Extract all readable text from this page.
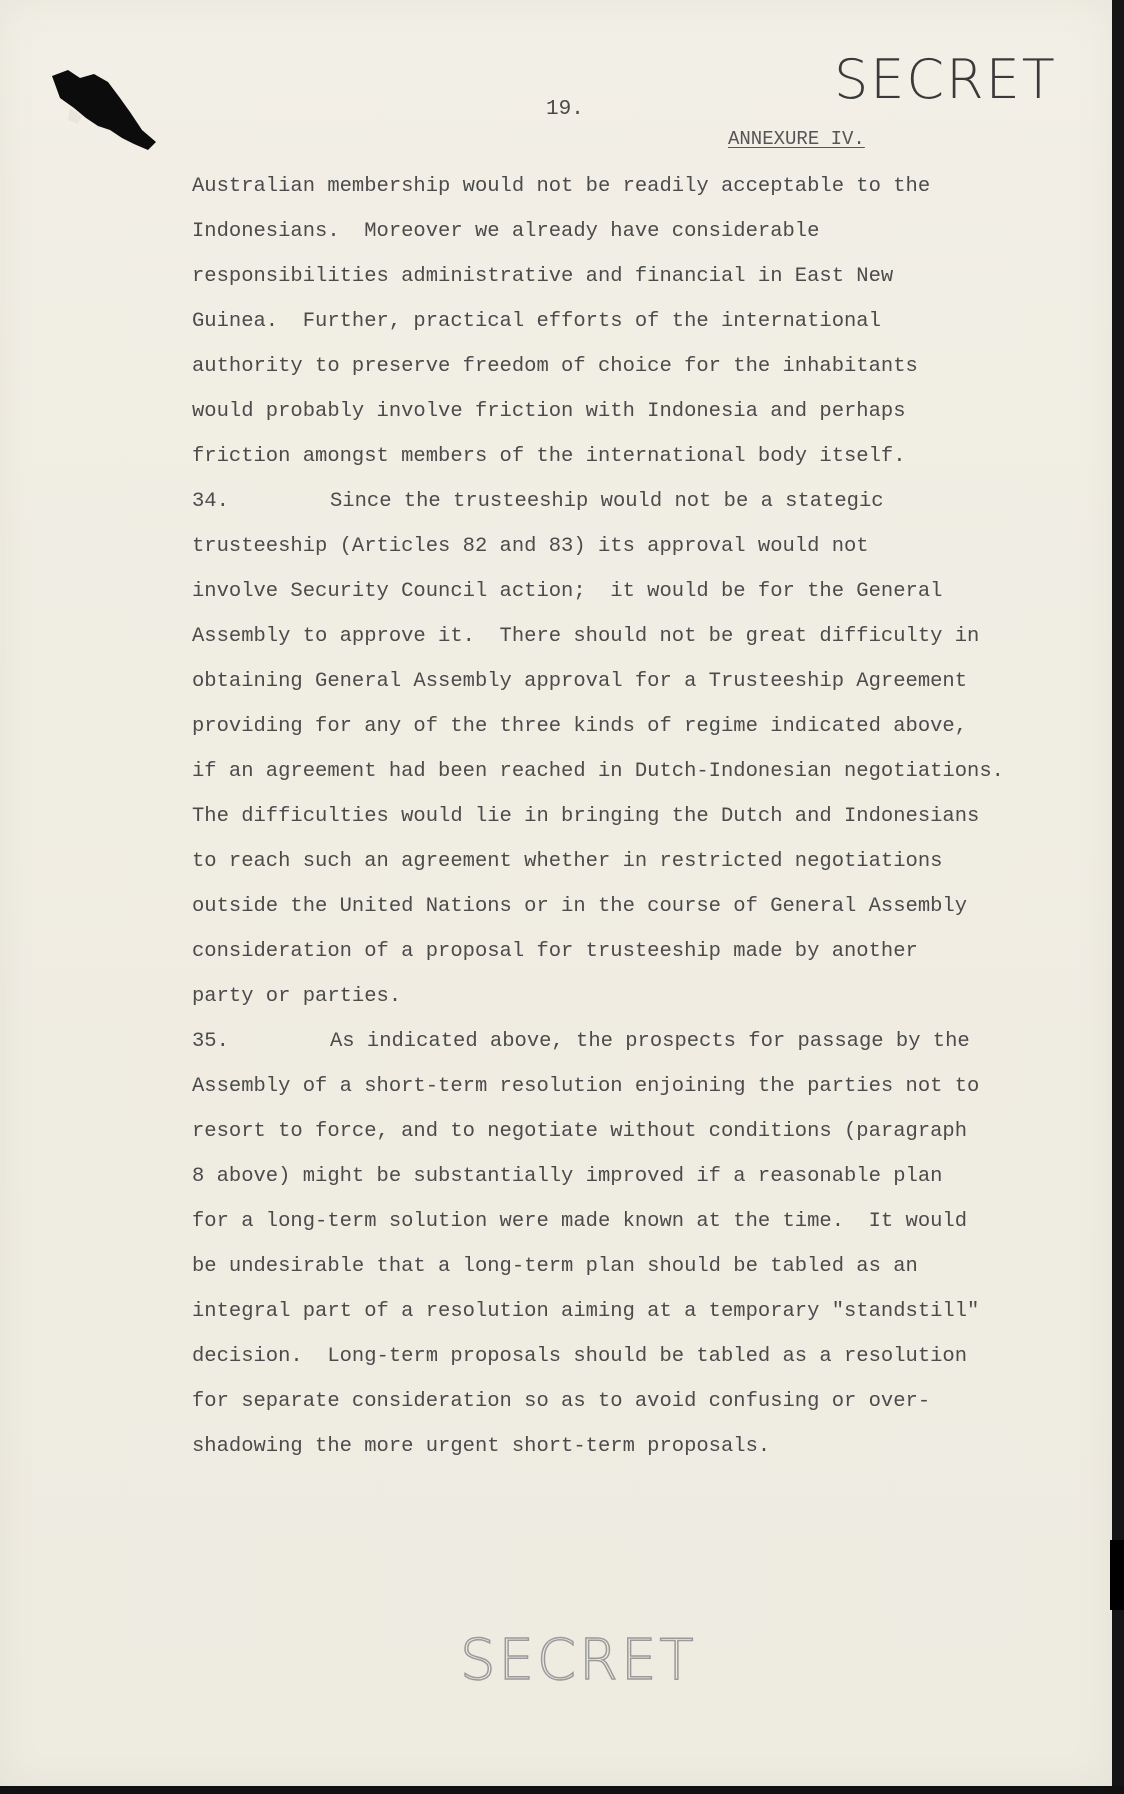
SECRET
19.
ANNEXURE IV.
Australian membership would not be readily acceptable to the
Indonesians.  Moreover we already have considerable
responsibilities administrative and financial in East New
Guinea.  Further, practical efforts of the international
authority to preserve freedom of choice for the inhabitants
would probably involve friction with Indonesia and perhaps
friction amongst members of the international body itself.
34.	Since the trusteeship would not be a stategic
trusteeship (Articles 82 and 83) its approval would not
involve Security Council action;  it would be for the General
Assembly to approve it.  There should not be great difficulty in
obtaining General Assembly approval for a Trusteeship Agreement
providing for any of the three kinds of regime indicated above,
if an agreement had been reached in Dutch-Indonesian negotiations.
The difficulties would lie in bringing the Dutch and Indonesians
to reach such an agreement whether in restricted negotiations
outside the United Nations or in the course of General Assembly
consideration of a proposal for trusteeship made by another
party or parties.
35.	As indicated above, the prospects for passage by the
Assembly of a short-term resolution enjoining the parties not to
resort to force, and to negotiate without conditions (paragraph
8 above) might be substantially improved if a reasonable plan
for a long-term solution were made known at the time.  It would
be undesirable that a long-term plan should be tabled as an
integral part of a resolution aiming at a temporary "standstill"
decision.  Long-term proposals should be tabled as a resolution
for separate consideration so as to avoid confusing or over-
shadowing the more urgent short-term proposals.
SECRET
